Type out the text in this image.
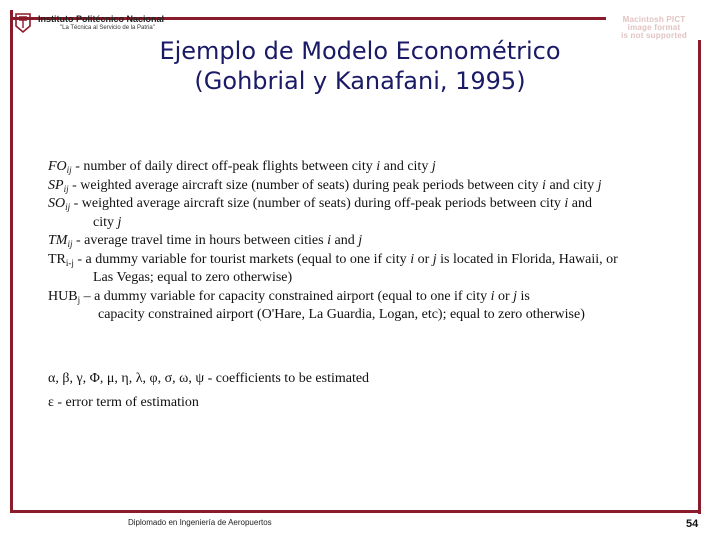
Instituto Politécnico Nacional
"La Técnica al Servicio de la Patria"
Macintosh PICT
image format
is not supported
Ejemplo de Modelo Econométrico
(Gohbrial y Kanafani, 1995)
$FO_{ij}$ - number of daily direct off-peak flights between city i and city j
$SP_{ij}$ - weighted average aircraft size (number of seats) during peak periods between city i and city j
$SO_{ij}$ - weighted average aircraft size (number of seats) during off-peak periods between city i and
city j
$TM_{ij}$ - average travel time in hours between cities i and j
$TR_{i-j}$ - a dummy variable for tourist markets (equal to one if city i or j is located in Florida, Hawaii, or
Las Vegas; equal to zero otherwise)
$HUB_j$ – a dummy variable for capacity constrained airport (equal to one if city i or j is
capacity constrained airport (O'Hare, La Guardia, Logan, etc); equal to zero otherwise)
α, β, γ, Φ, μ, η, λ, φ, σ, ω, ψ - coefficients to be estimated
ε - error term of estimation
Diplomado en Ingeniería de Aeropuertos	54
